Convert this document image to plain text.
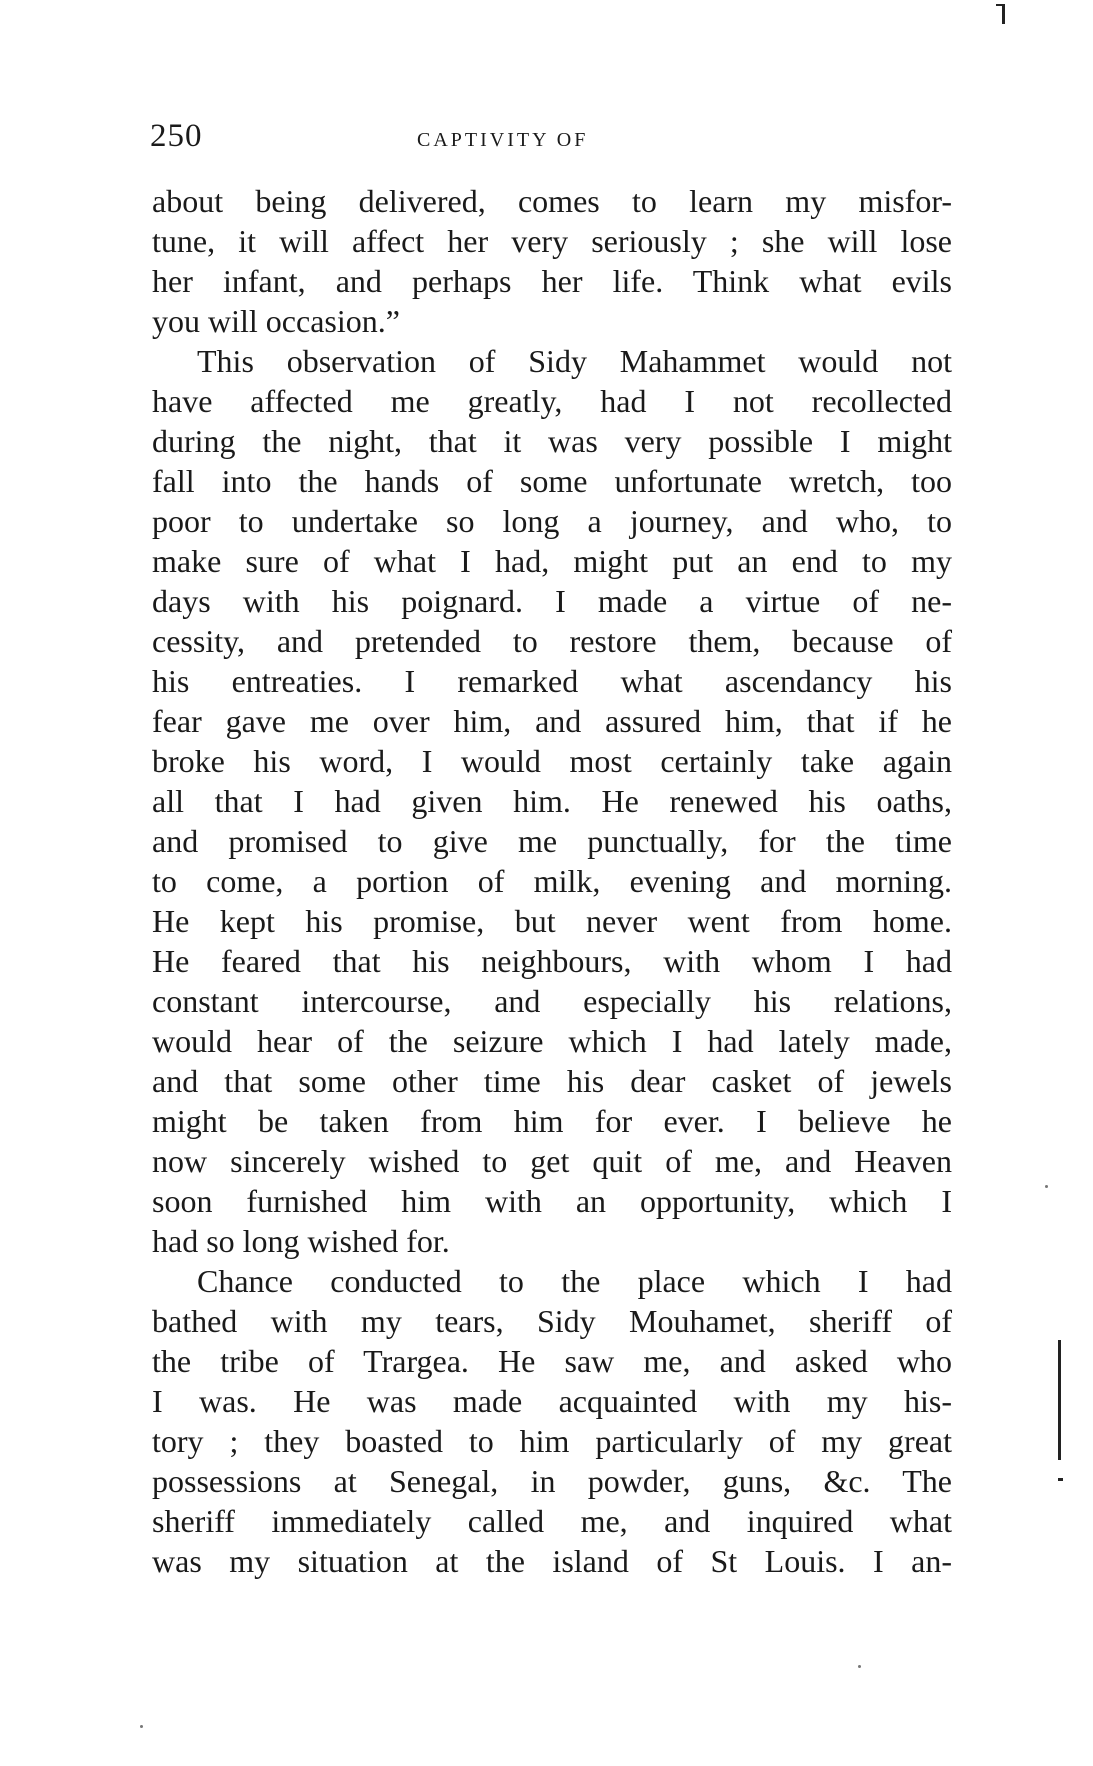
250	CAPTIVITY OF
about being delivered, comes to learn my misfor-
tune, it will affect her very seriously ; she will lose
her infant, and perhaps her life. Think what evils
you will occasion.”
This observation of Sidy Mahammet would not
have affected me greatly, had I not recollected
during the night, that it was very possible I might
fall into the hands of some unfortunate wretch, too
poor to undertake so long a journey, and who, to
make sure of what I had, might put an end to my
days with his poignard. I made a virtue of ne-
cessity, and pretended to restore them, because of
his entreaties. I remarked what ascendancy his
fear gave me over him, and assured him, that if he
broke his word, I would most certainly take again
all that I had given him. He renewed his oaths,
and promised to give me punctually, for the time
to come, a portion of milk, evening and morning.
He kept his promise, but never went from home.
He feared that his neighbours, with whom I had
constant intercourse, and especially his relations,
would hear of the seizure which I had lately made,
and that some other time his dear casket of jewels
might be taken from him for ever. I believe he
now sincerely wished to get quit of me, and Heaven
soon furnished him with an opportunity, which I
had so long wished for.
Chance conducted to the place which I had
bathed with my tears, Sidy Mouhamet, sheriff of
the tribe of Trargea. He saw me, and asked who
I was. He was made acquainted with my his-
tory ; they boasted to him particularly of my great
possessions at Senegal, in powder, guns, &c. The
sheriff immediately called me, and inquired what
was my situation at the island of St Louis. I an-
